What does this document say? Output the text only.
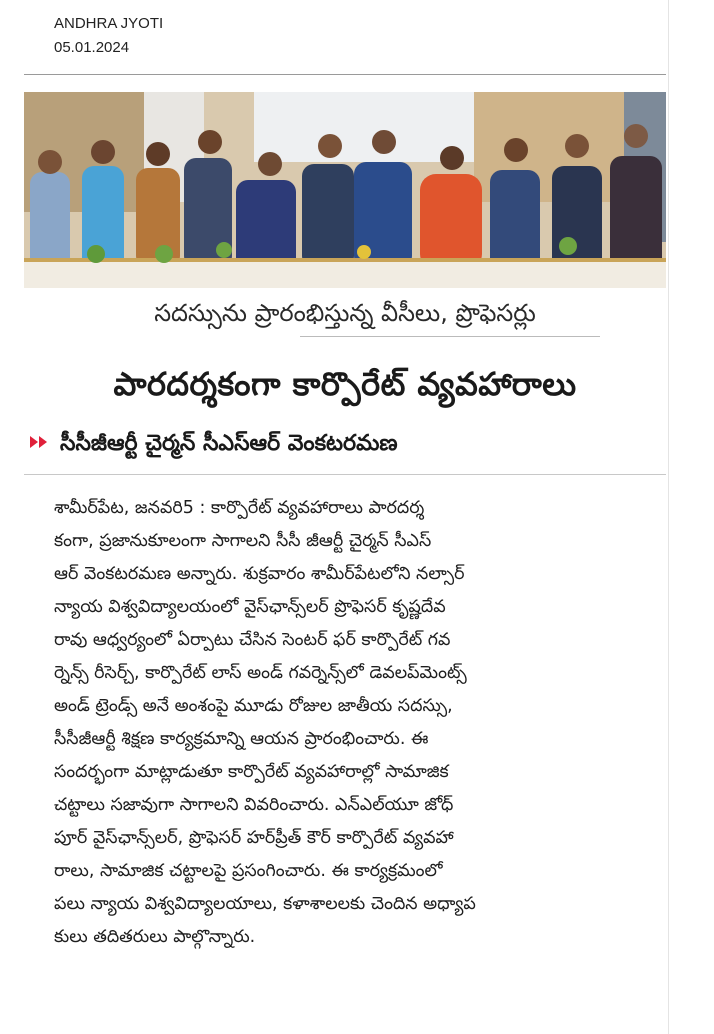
ANDHRA JYOTI
05.01.2024
సదస్సును ప్రారంభిస్తున్న వీసీలు, ప్రొఫెసర్లు
పారదర్శకంగా కార్పొరేట్ వ్యవహారాలు
సీసీజీఆర్టీ చైర్మన్ సీఎస్ఆర్ వెంకటరమణ
శామీర్‌పేట, జనవరి5 : కార్పొరేట్ వ్యవహారాలు పారదర్శ
కంగా, ప్రజానుకూలంగా సాగాలని సీసీ జీఆర్టీ చైర్మన్ సీఎస్
ఆర్ వెంకటరమణ అన్నారు. శుక్రవారం శామీర్‌పేటలోని నల్సార్
న్యాయ విశ్వవిద్యాలయంలో వైస్‌ఛాన్స్‌లర్ ప్రొఫెసర్ కృష్ణదేవ
రావు ఆధ్వర్యంలో ఏర్పాటు చేసిన సెంటర్ ఫర్ కార్పొరేట్ గవ
ర్నెన్స్ రీసెర్చ్, కార్పొరేట్ లాస్ అండ్ గవర్నెన్స్‌లో డెవలప్‌మెంట్స్
అండ్ ట్రెండ్స్ అనే అంశంపై మూడు రోజుల జాతీయ సదస్సు,
సీసీజీఆర్టీ శిక్షణ కార్యక్రమాన్ని ఆయన ప్రారంభించారు. ఈ
సందర్భంగా మాట్లాడుతూ కార్పొరేట్ వ్యవహారాల్లో సామాజిక
చట్టాలు సజావుగా సాగాలని వివరించారు. ఎన్ఎల్‌యూ జోధ్
పూర్ వైస్‌ఛాన్స్‌లర్, ప్రొఫెసర్ హర్‌ప్రీత్ కౌర్ కార్పొరేట్ వ్యవహా
రాలు, సామాజిక చట్టాలపై ప్రసంగించారు. ఈ కార్యక్రమంలో
పలు న్యాయ విశ్వవిద్యాలయాలు, కళాశాలలకు చెందిన అధ్యాప
కులు తదితరులు పాల్గొన్నారు.
